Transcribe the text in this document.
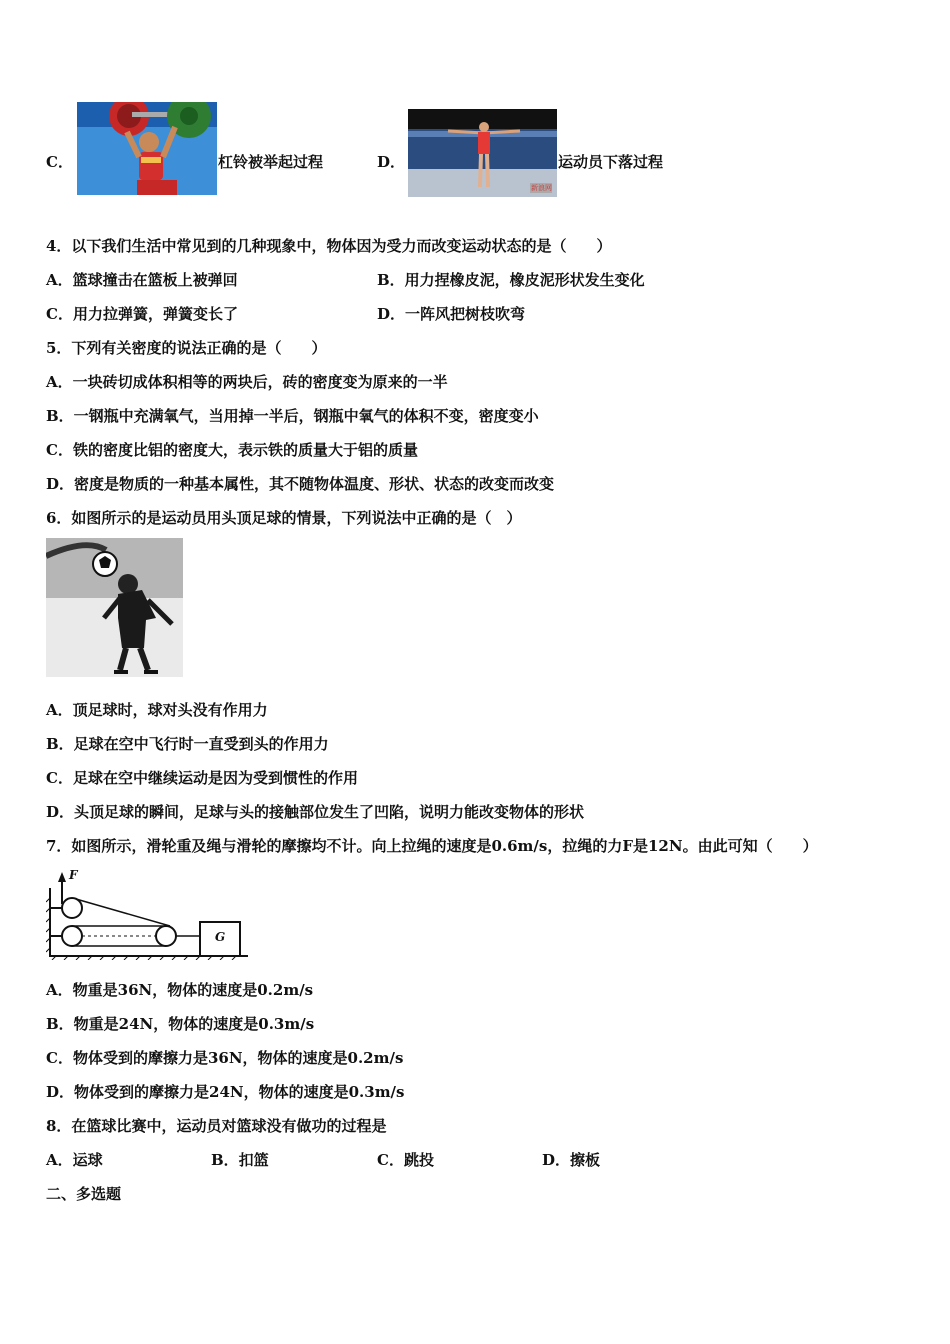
C．	杠铃被举起过程	D．
新浪网
运动员下落过程
4．以下我们生活中常见到的几种现象中，物体因为受力而改变运动状态的是（　　）
A．篮球撞击在篮板上被弹回	B．用力捏橡皮泥，橡皮泥形状发生变化
C．用力拉弹簧，弹簧变长了	D．一阵风把树枝吹弯
5．下列有关密度的说法正确的是（　　）
A．一块砖切成体积相等的两块后，砖的密度变为原来的一半
B．一钢瓶中充满氧气，当用掉一半后，钢瓶中氧气的体积不变，密度变小
C．铁的密度比铝的密度大，表示铁的质量大于铝的质量
D．密度是物质的一种基本属性，其不随物体温度、形状、状态的改变而改变
6．如图所示的是运动员用头顶足球的情景，下列说法中正确的是（　）
A．顶足球时，球对头没有作用力
B．足球在空中飞行时一直受到头的作用力
C．足球在空中继续运动是因为受到惯性的作用
D．头顶足球的瞬间，足球与头的接触部位发生了凹陷，说明力能改变物体的形状
7．如图所示，滑轮重及绳与滑轮的摩擦均不计。向上拉绳的速度是0.6m/s，拉绳的力F是12N。由此可知（　　）
F
G
A．物重是36N，物体的速度是0.2m/s
B．物重是24N，物体的速度是0.3m/s
C．物体受到的摩擦力是36N，物体的速度是0.2m/s
D．物体受到的摩擦力是24N，物体的速度是0.3m/s
8．在篮球比赛中，运动员对篮球没有做功的过程是
A．运球	B．扣篮	C．跳投	D．擦板
二、多选题
